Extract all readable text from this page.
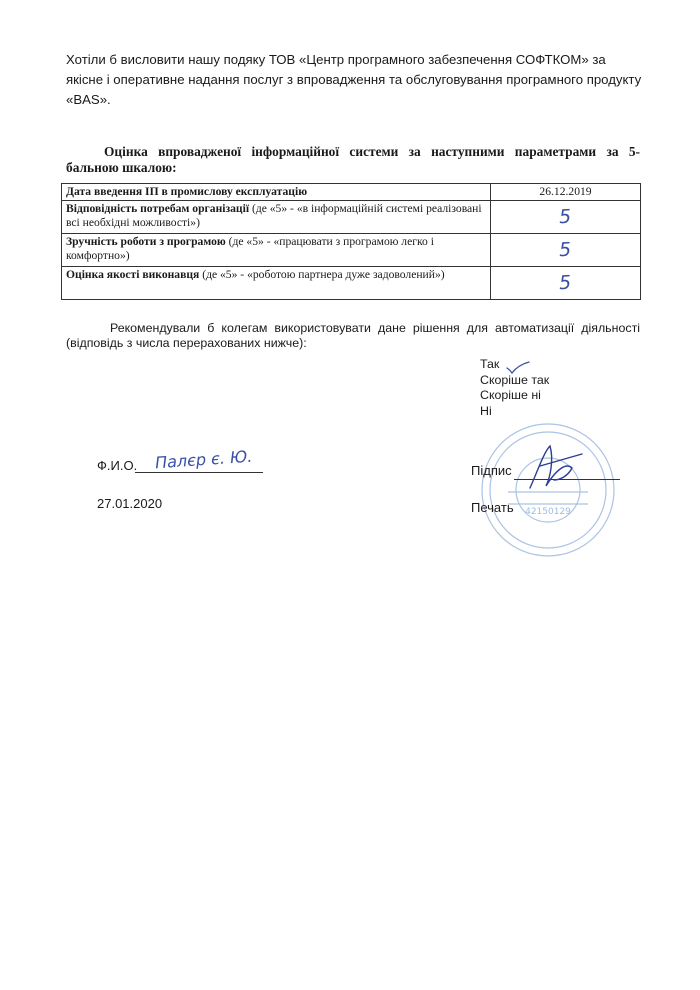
Хотіли б висловити нашу подяку ТОВ «Центр програмного забезпечення СОФТКОМ» за
якісне і оперативне надання послуг з впровадження та обслуговування програмного продукту
«BAS».
Оцінка впровадженої інформаційної системи за наступними параметрами за 5-
бальною шкалою:
Дата введення ІП в промислову експлуатацію	26.12.2019
Відповідність потребам організації (де «5» - «в інформаційній системі реалізовані всі необхідні можливості»)	5
Зручність роботи з програмою (де «5» - «працювати з програмою легко і комфортно»)	5
Оцінка якості виконавця (де «5» - «роботою партнера дуже задоволений»)	5
Рекомендували б колегам використовувати дане рішення для автоматизації діяльності
(відповідь з числа перерахованих нижче):
Так
Скоріше так
Скоріше ні
Ні
Ф.И.О. Палєр є. Ю.
27.01.2020
42150129
Підпис
Печать
